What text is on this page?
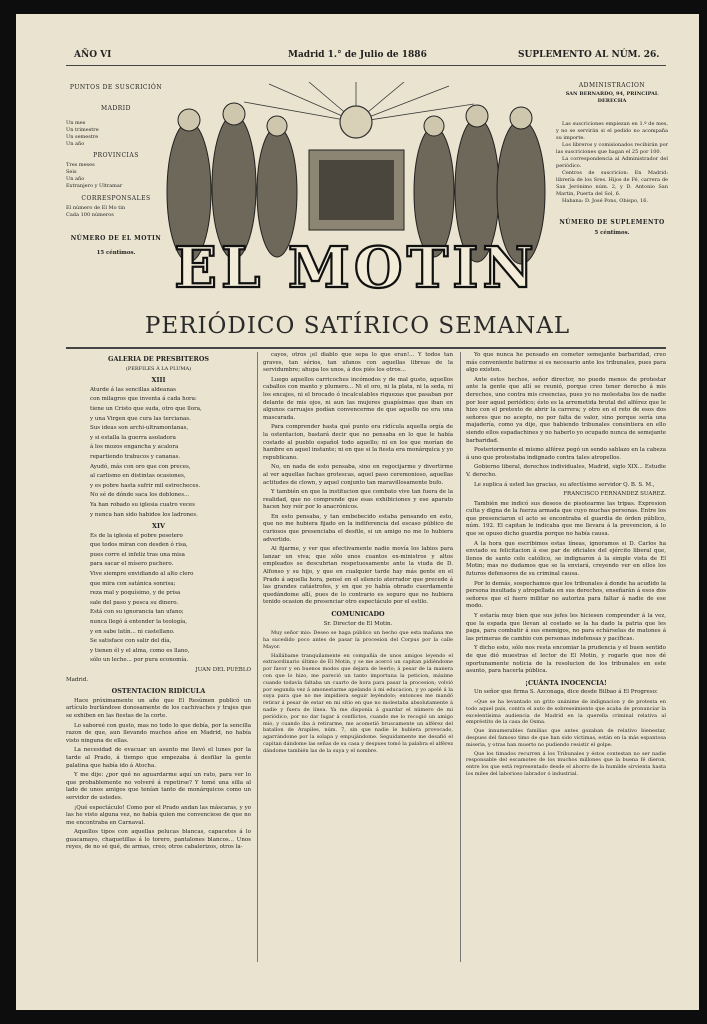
AÑO VI	Madrid 1.° de Julio de 1886	SUPLEMENTO AL NÚM. 26.
PUNTOS DE SUSCRICIÓN
MADRID
Un mes
Un trimestre
Un semestre
Un año
PROVINCIAS
Tres meses
Seis
Un año
Extranjero y Ultramar
CORRESPONSALES
El número de El Mo tin
Cada 100 números
NÚMERO DE EL MOTIN
15 céntimos. EL MOTIN
ADMINISTRACION
SAN BERNARDO, 94, PRINCIPAL DERECHA
Las suscriciones empiezan en 1.º de mes, y no se servirán si el pedido no acompaña su importe.
Los libreros y comisionados recibirán por las suscriciones que hagan el 25 por 100.
La correspondencia al Administrador del periódico.
Centros de suscricion: En Madrid: librería de los Sres. Hijos de Fé, carrera de San Jerónimo núm. 2, y D. Antonio San Martin, Puerta del Sol, 6.
Habana: D. José Pons, Obispo, 16.
NÚMERO DE SUPLEMENTO
5 céntimos.
PERIÓDICO SATÍRICO SEMANAL

GALERIA DE PRESBITEROS

(PERFILES Á LA PLUMA)

XIII

Aturde á las sencillas aldeanas

con milagros que inventa á cada hora:

tiene un Cristo que suda, otro que llora,

y una Virgen que cura las tercianas.

Sus ideas son archi-ultramontanas,

y si estalla la guerra asoladora

á los mozos engancha y acalora

repartiendo trabucos y cananas.

Ayudó, más con oro que con preces,

al carlismo en distintas ocasiones,

y es pobre hasta sufrir mil estrecheces.

No sé de dónde saca los doblones...

Ya han robado su iglesia cuatro veces

y nunca han sido habidos los ladrones.

XIV

Es de la iglesia el pobre pesetero

que todos miran con desden ó risa,

pues corre el infeliz tras una misa

para sacar el mísero puchero.

Vive siempre envidiando al alto clero

que mira con satánica sonrisa;

reza mal y poquísimo, y de prisa

sale del paso y pesca su dinero.

Está con su ignorancia tan ufano;

nunca llegó á entender la teología,

y en sabe latín... ni castellano.

Se satisface con salir del día,

y tienen él y el alma, como es llano,

sólo un leche... por pura economía.

JUAN DEL PUEBLO

Madrid.

OSTENTACION RIDÍCULA

Hace próximamente un año que El Resúmen publicó un artículo burlándose donosamente de los cachivaches y trajes que se exhiben en las fiestas de la corte.

Lo saboreé con gusto, mas no todo lo que debía, por la sencilla razon de que, aun llevando muchos años en Madrid, no había visto ninguna de ellas.

La necesidad de evacuar un asunto me llevó el lunes por la tarde al Prado, á tiempo que empezaba á desfilar la gente palatina que había ido á Atocha.

Y me dije: ¿por qué no aguardarme aquí un rato, para ver lo que probablemente no volveré á repetirse? Y tomé una silla al lado de unos amigos que tenían tanto de monárquicos como un servidor de ustedes.

¡Qué espectáculo! Como por el Prado andan las máscaras, y yo las he visto alguna vez, no había quien me convenciese de que no me encontraba en Carnaval.

Aquellos tipos con aquellas pelucas blancas, capacetes á lo guacamayo, chaquetillas á lo torero, pantalones blancos... Unos reyes, de no sé qué, de armas, creo; otros cabalerizos, otros la-

cayos, otros ¡el diablo que sepa lo que eran!... Y todos tan graves, tan sérios, tan ufanos con aquellas libreas de la servidumbre; ahupa los unos, á dos piés los otros...

Luego aquellos carricoches incómodos y de mal gusto, aquellos caballos con manto y plumero... Ni el oro, ni la plata, ni la seda, ni los encajes, ni el brocado ó incalculables riquezas que pasaban por delante de mis ojos, ni aun las mujeres guapísimas que iban en algunos carruajes podían convencerme de que aquello no era una mascarada.

Para comprender hasta qué punto era ridícula aquella orgía de la ostentacion, bastará decir que no pensaba en lo que le había costado al pueblo español todo aquello; ni en los que morían de hambre en aquel instante; ni en que si la fiesta era monárquica y yo republicano.

No, en nada de esto pensaba, sino en regocijarme y divertirme al ver aquellas fachas grotescas, aquel paso ceremonioso, aquellas actitudes de clown, y aquel conjunto tan maravillosamente bufo.

Y también en que la institucion que combato vive tan fuera de la realidad, que no comprende que esas exhibiciones y ese aparato hacen hoy reír por lo anacrónicos.

En esto pensaba, y tan embebecido estaba pensando en esto, que no me hubiera fijado en la indiferencia del escaso público de curiosos que presenciaba el desfile, si un amigo no me lo hubiera advertido.

Al fijarme, y ver que efectivamente nadie movía los labios para lanzar un viva; que sólo unos cuantos ex-ministros y altos empleados se descubrian respetuosamente ante la viuda de D. Alfonso y su hijo, y que en cualquier tarde hay más gente en el Prado á aquella hora, pensé en el silencio aterrador que precede á las grandes catástrofes, y en que yo había obrado cuerdamente quedándome allí, pues de lo contrario es seguro que no hubiera tenido ocasion de presenciar otro espectáculo por el estilo.

COMUNICADO

Sr. Director de El Motin.

Muy señor mio: Deseo se haga público un hecho que esta mañana me ha sucedido poco antes de pasar la procesion del Corpus por la calle Mayor.

Hallábame tranquilamente en compañía de unos amigos leyendo el extraordinario último de El Motin, y se me acercó un capitan pidiéndome por favor y en buenos modos que dejara de leerlo; á pesar de la manera con que lo hizo, me pareció un tanto importuna la peticion, máxime cuando todavía faltaba un cuarto de hora para pasar la procesion; volvió por segunda vez á amonestarme apelando á mi educacion, y yo apelé á la suya para que no me impidiera seguir leyéndolo; entonces me mandó retirar á pesar de estar en mi sitio en que no molestaba absolutamente á nadie y fuera de línea. Ya me disponía á guardar el número de mi periódico, por no dar lugar á conflictos, cuando me lo recogió un amigo mio, y cuando iba á retirarme, me acometió bruscamente un alférez del batallon de Arapiles, núm. 7, sin que nadie le hubiera provocado, agarrándome por la solapa y empujándome. Seguidamente me desafió el capitan dándome las señas de su casa y despues tomó la palabra el alférez dándome también las de la suya y el nombre.

Yo que nunca he pensado en cometer semejante barbaridad, creo más conveniente batirme si es necesario ante los tribunales, pues para algo existen.

Ante estos hechos, señor director, no puedo menos de protestar ante la gente que allí se reunió, porque creo tener derecho á mis derechos, uno contra mis creencias, pues yo no molestaba los de nadie por leer aquel periódico; ésto es la arremetida brutal del alférez que le hizo con el pretexto de abrir la carrera; y otro en el reto de esos dos señores que no acepto, no por falta de valor, sino porque sería una majadería, como ya dije, que habiendo tribunales consintiera en ello siendo ellos espadachines y no haberlo yo ocupado nunca de semejante barbaridad.

Posteriormente el mismo alférez pegó un sendo sablazo en la cabeza á uno que protestaba indignado contra tales atropellos.

Gobierno liberal, derechos individuales, Madrid, siglo XIX... Estudie V. derecho.

Le suplica á usted las gracias, su afectísimo servidor Q. B. S. M.,

FRANCISCO FERNANDEZ SUAREZ.

También me indicó sus deseos de pisotearme las tripas. Expresion culta y digna de la fuerza armada que cuyo muchas personas. Entre los que presenciaron el acto se encontraba el guardia de órden público, núm. 192. El capitan le indicaba que me llevara á la prevencion, á lo que se opuso dicho guardia porque no había causa.

A la hora que escribimos estas líneas, ignoramos si D. Carlos ha enviado su felicitacion á ese par de oficiales del ejército liberal que, llenos de santo celo católico, se indignaron á la simple vista de El Motin; mas no dudamos que se la enviará, creyendo ver en ellos los futuros defensores de su criminal causa.

Por lo demás, sospechamos que los tribunales á donde ha acudido la persona insultada y atropellada en sus derechos, enseñarán á esos dos señores que el fuero militar no autoriza para faltar á nadie de ese modo.

Y estaría muy bien que sus jefes les hiciesen comprender á la vez, que la espada que llevan al costado se la ha dado la patria que les paga, para combatir á sus enemigos, no para echárselas de matones á las primeras de cambio con personas indefensas y pacíficas.

Y dicho esto, sólo nos resta encomiar la prudencia y el buen sentido de que dió muestras el lector de El Motin, y rogarle que nos dé oportunamente noticia de la resolucion de los tribunales en este asunto, para hacerla pública.

¡CUÁNTA INOCENCIA!

Un señor que firma S. Azconaga, dice desde Bilbao á El Progreso:

«Que se ha levantado un grito unánime de indignacion y de protesta en todo aquel país, contra el auto de sobreseimiento que acaba de pronunciar la excelentísima audiencia de Madrid en la querella criminal relativa al empréstito de la casa de Osma.

Que innumerables familias que antes gozaban de relativo bienestar, despues del famoso timo de que han sido víctimas, están en la más espantosa miseria, y otras han muerto no pudiendo resistir el golpe.

Que los timados recurren á los Tribunales y éstos contestan no ser nadie responsable del escamoteo de los muchos millones que la buena fé dieron, entre los que está representado desde el ahorro de la humilde sirvienta hasta los miles del laborioso labrador ó industrial.
